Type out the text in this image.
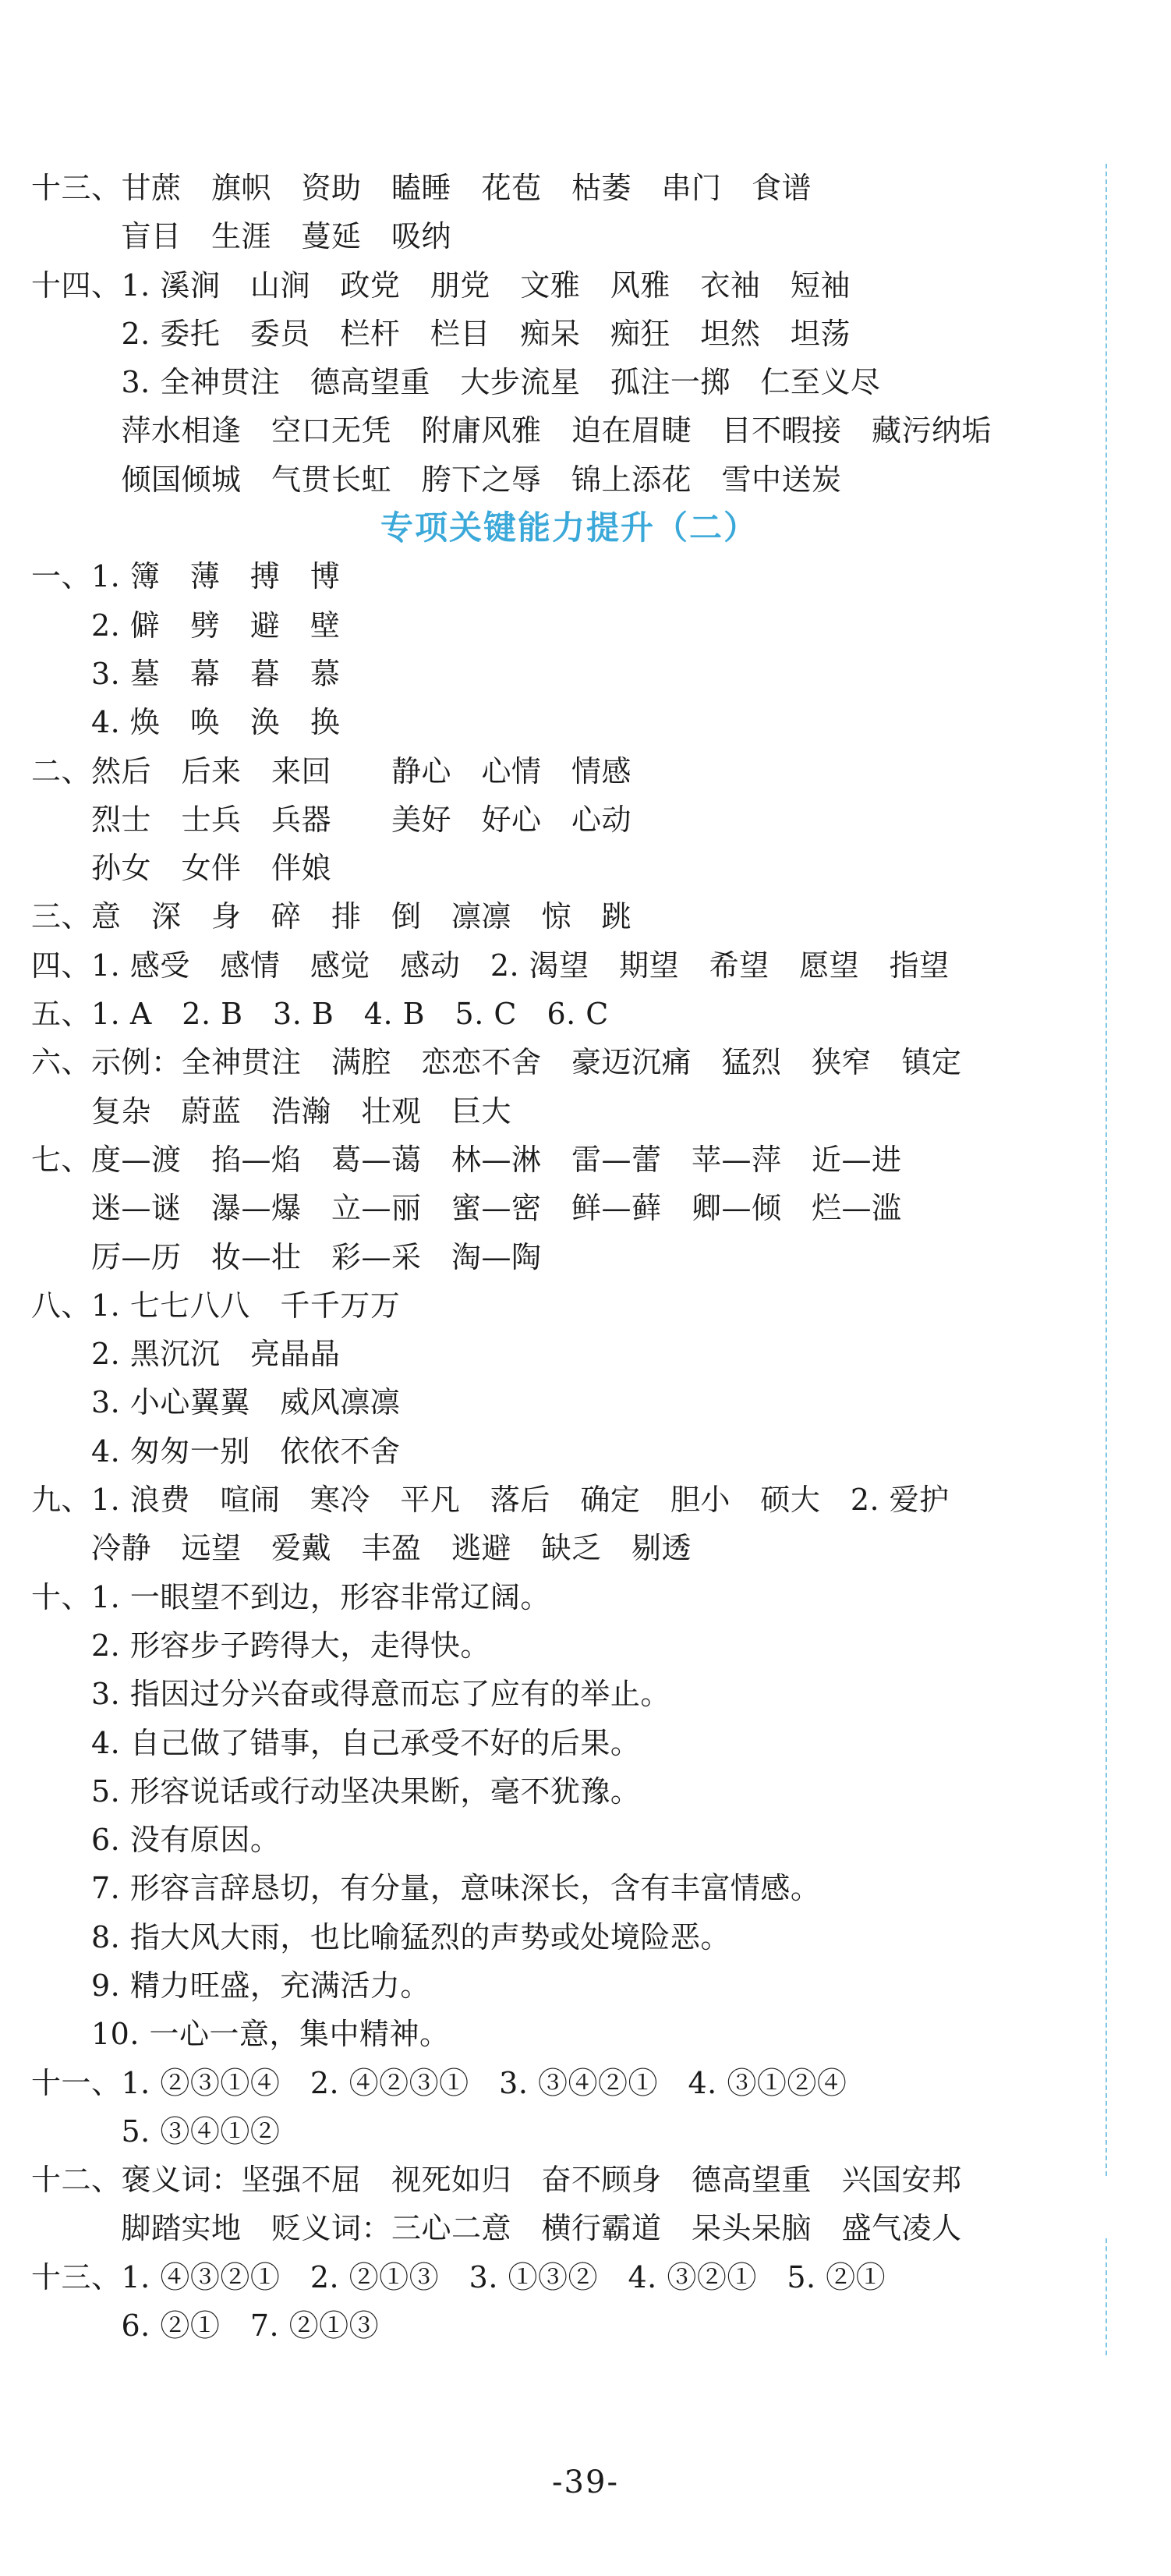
十三、甘蔗　旗帜　资助　瞌睡　花苞　枯萎　串门　食谱
　　　盲目　生涯　蔓延　吸纳
十四、1. 溪涧　山涧　政党　朋党　文雅　风雅　衣袖　短袖
　　　2. 委托　委员　栏杆　栏目　痴呆　痴狂　坦然　坦荡
　　　3. 全神贯注　德高望重　大步流星　孤注一掷　仁至义尽
　　　萍水相逢　空口无凭　附庸风雅　迫在眉睫　目不暇接　藏污纳垢
　　　倾国倾城　气贯长虹　胯下之辱　锦上添花　雪中送炭
专项关键能力提升（二）
一、1. 簿　薄　搏　博
　　2. 僻　劈　避　壁
　　3. 墓　幕　暮　慕
　　4. 焕　唤　涣　换
二、然后　后来　来回　　静心　心情　情感
　　烈士　士兵　兵器　　美好　好心　心动
　　孙女　女伴　伴娘
三、意　深　身　碎　排　倒　凛凛　惊　跳
四、1. 感受　感情　感觉　感动　2. 渴望　期望　希望　愿望　指望
五、1. A　2. B　3. B　4. B　5. C　6. C
六、示例：全神贯注　满腔　恋恋不舍　豪迈沉痛　猛烈　狭窄　镇定
　　复杂　蔚蓝　浩瀚　壮观　巨大
七、度—渡　掐—焰　葛—蔼　林—淋　雷—蕾　苹—萍　近—进
　　迷—谜　瀑—爆　立—丽　蜜—密　鲜—藓　卿—倾　烂—滥
　　厉—历　妆—壮　彩—采　淘—陶
八、1. 七七八八　千千万万
　　2. 黑沉沉　亮晶晶
　　3. 小心翼翼　威风凛凛
　　4. 匆匆一别　依依不舍
九、1. 浪费　喧闹　寒冷　平凡　落后　确定　胆小　硕大　2. 爱护
　　冷静　远望　爱戴　丰盈　逃避　缺乏　剔透
十、1. 一眼望不到边，形容非常辽阔。
　　2. 形容步子跨得大，走得快。
　　3. 指因过分兴奋或得意而忘了应有的举止。
　　4. 自己做了错事，自己承受不好的后果。
　　5. 形容说话或行动坚决果断，毫不犹豫。
　　6. 没有原因。
　　7. 形容言辞恳切，有分量，意味深长，含有丰富情感。
　　8. 指大风大雨，也比喻猛烈的声势或处境险恶。
　　9. 精力旺盛，充满活力。
　　10. 一心一意，集中精神。
十一、1. ②③①④　2. ④②③①　3. ③④②①　4. ③①②④
　　　5. ③④①②
十二、褒义词：坚强不屈　视死如归　奋不顾身　德高望重　兴国安邦
　　　脚踏实地　贬义词：三心二意　横行霸道　呆头呆脑　盛气凌人
十三、1. ④③②①　2. ②①③　3. ①③②　4. ③②①　5. ②①
　　　6. ②①　7. ②①③
-39-
